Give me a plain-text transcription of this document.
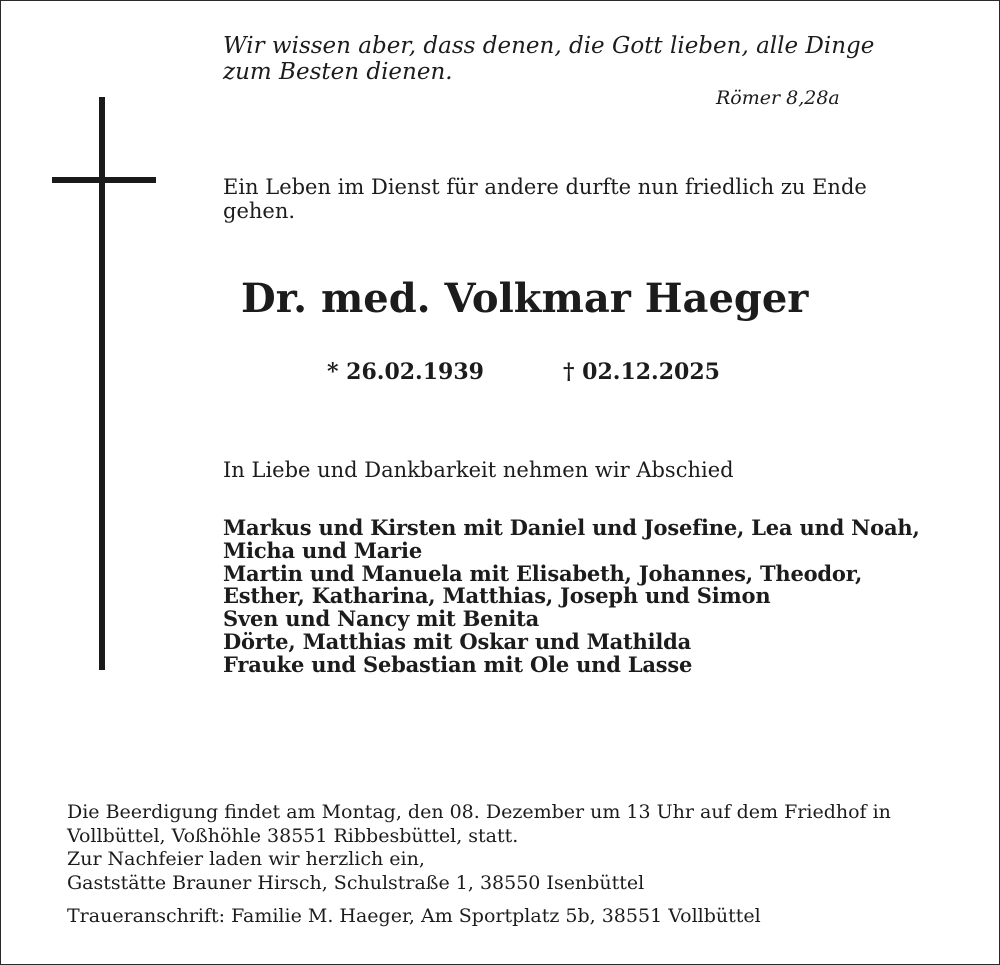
Wir wissen aber, dass denen, die Gott lieben, alle Dinge
zum Besten dienen.
Römer 8,28a
Ein Leben im Dienst für andere durfte nun friedlich zu Ende
gehen.
Dr. med. Volkmar Haeger
* 26.02.1939	† 02.12.2025
In Liebe und Dankbarkeit nehmen wir Abschied
Markus und Kirsten mit Daniel und Josefine, Lea und Noah,
Micha und Marie
Martin und Manuela mit Elisabeth, Johannes, Theodor,
Esther, Katharina, Matthias, Joseph und Simon
Sven und Nancy mit Benita
Dörte, Matthias mit Oskar und Mathilda
Frauke und Sebastian mit Ole und Lasse
Die Beerdigung findet am Montag, den 08. Dezember um 13 Uhr auf dem Friedhof in
Vollbüttel, Voßhöhle 38551 Ribbesbüttel, statt.
Zur Nachfeier laden wir herzlich ein,
Gaststätte Brauner Hirsch, Schulstraße 1, 38550 Isenbüttel
Traueranschrift: Familie M. Haeger, Am Sportplatz 5b, 38551 Vollbüttel
